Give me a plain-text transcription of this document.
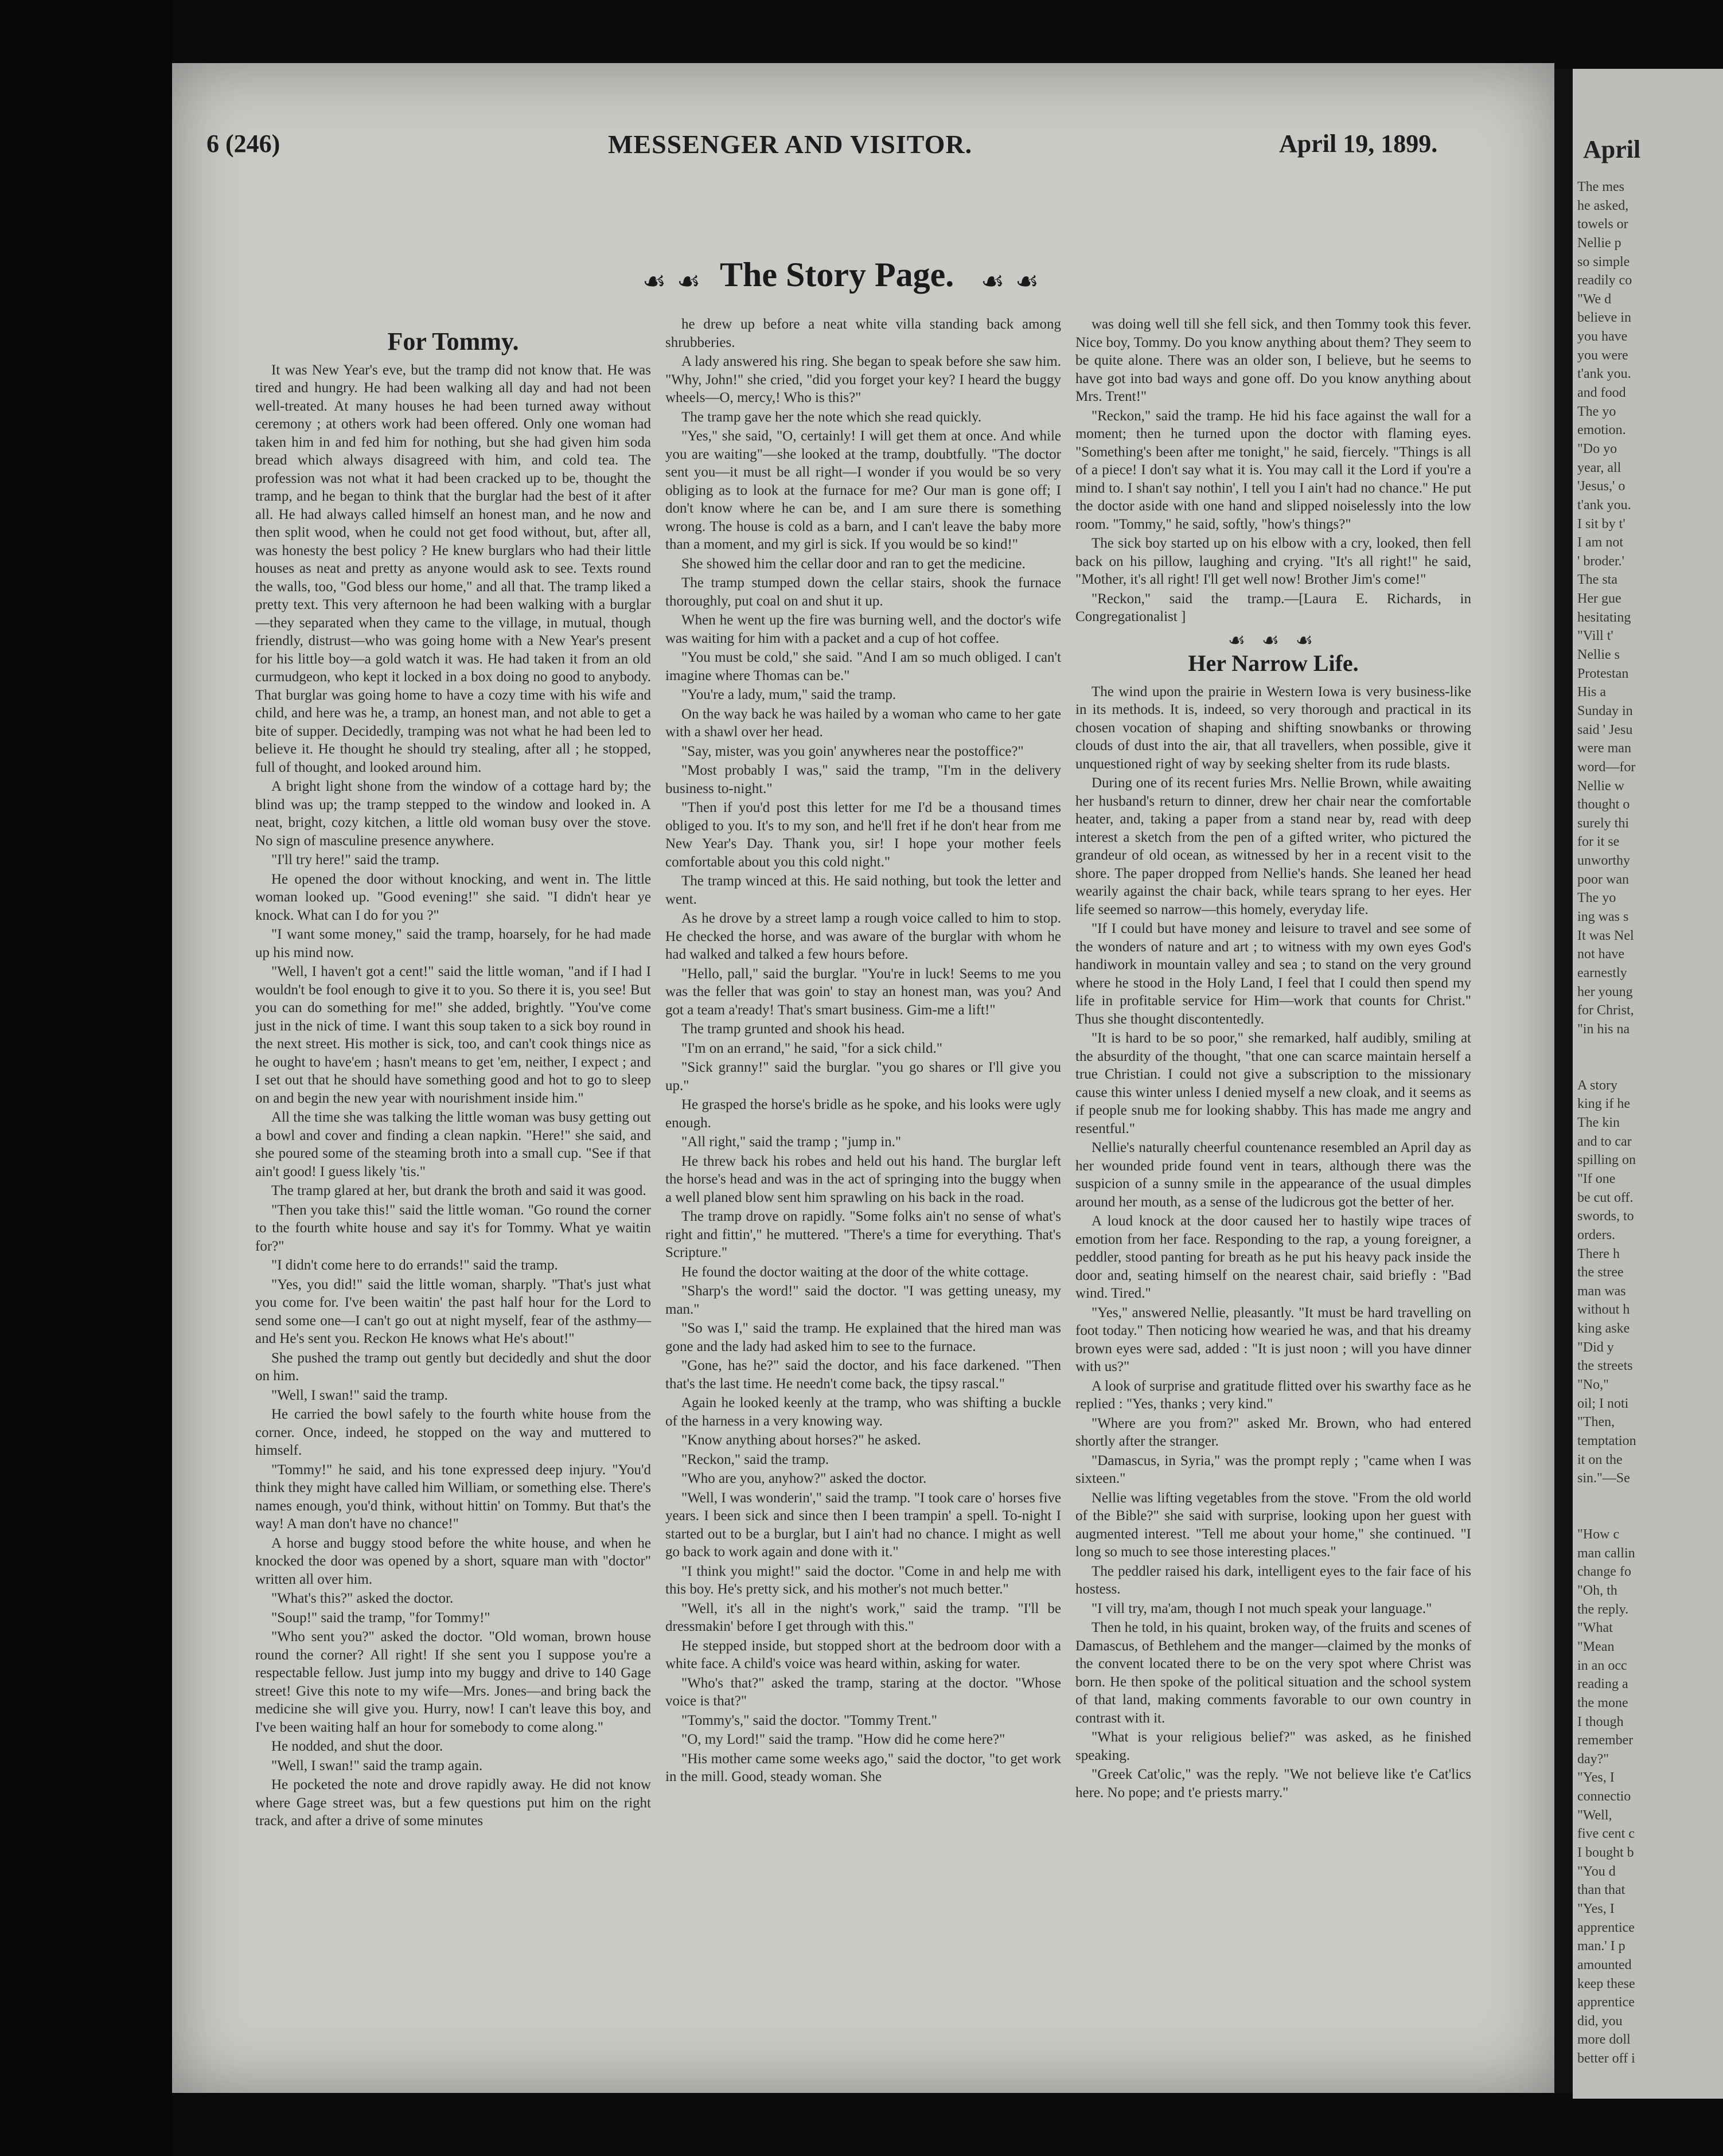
6 (246)	MESSENGER AND VISITOR.	April 19, 1899.
☙ ☙ The Story Page. ☙ ☙
For Tommy.

It was New Year's eve, but the tramp did not know that. He was tired and hungry. He had been walking all day and had not been well-treated. At many houses he had been turned away without ceremony ; at others work had been offered. Only one woman had taken him in and fed him for nothing, but she had given him soda bread which always disagreed with him, and cold tea. The profession was not what it had been cracked up to be, thought the tramp, and he began to think that the burglar had the best of it after all. He had always called himself an honest man, and he now and then split wood, when he could not get food without, but, after all, was honesty the best policy ? He knew burglars who had their little houses as neat and pretty as anyone would ask to see. Texts round the walls, too, "God bless our home," and all that. The tramp liked a pretty text. This very afternoon he had been walking with a burglar —they separated when they came to the village, in mutual, though friendly, distrust—who was going home with a New Year's present for his little boy—a gold watch it was. He had taken it from an old curmudgeon, who kept it locked in a box doing no good to anybody. That burglar was going home to have a cozy time with his wife and child, and here was he, a tramp, an honest man, and not able to get a bite of supper. Decidedly, tramping was not what he had been led to believe it. He thought he should try stealing, after all ; he stopped, full of thought, and looked around him.

A bright light shone from the window of a cottage hard by; the blind was up; the tramp stepped to the window and looked in. A neat, bright, cozy kitchen, a little old woman busy over the stove. No sign of masculine presence anywhere.

"I'll try here!" said the tramp.

He opened the door without knocking, and went in. The little woman looked up. "Good evening!" she said. "I didn't hear ye knock. What can I do for you ?"

"I want some money," said the tramp, hoarsely, for he had made up his mind now.

"Well, I haven't got a cent!" said the little woman, "and if I had I wouldn't be fool enough to give it to you. So there it is, you see! But you can do something for me!" she added, brightly. "You've come just in the nick of time. I want this soup taken to a sick boy round in the next street. His mother is sick, too, and can't cook things nice as he ought to have'em ; hasn't means to get 'em, neither, I expect ; and I set out that he should have something good and hot to go to sleep on and begin the new year with nourishment inside him."

All the time she was talking the little woman was busy getting out a bowl and cover and finding a clean napkin. "Here!" she said, and she poured some of the steaming broth into a small cup. "See if that ain't good! I guess likely 'tis."

The tramp glared at her, but drank the broth and said it was good.

"Then you take this!" said the little woman. "Go round the corner to the fourth white house and say it's for Tommy. What ye waitin for?"

"I didn't come here to do errands!" said the tramp.

"Yes, you did!" said the little woman, sharply. "That's just what you come for. I've been waitin' the past half hour for the Lord to send some one—I can't go out at night myself, fear of the asthmy—and He's sent you. Reckon He knows what He's about!"

She pushed the tramp out gently but decidedly and shut the door on him.

"Well, I swan!" said the tramp.

He carried the bowl safely to the fourth white house from the corner. Once, indeed, he stopped on the way and muttered to himself.

"Tommy!" he said, and his tone expressed deep injury. "You'd think they might have called him William, or something else. There's names enough, you'd think, without hittin' on Tommy. But that's the way! A man don't have no chance!"

A horse and buggy stood before the white house, and when he knocked the door was opened by a short, square man with "doctor" written all over him.

"What's this?" asked the doctor.

"Soup!" said the tramp, "for Tommy!"

"Who sent you?" asked the doctor. "Old woman, brown house round the corner? All right! If she sent you I suppose you're a respectable fellow. Just jump into my buggy and drive to 140 Gage street! Give this note to my wife—Mrs. Jones—and bring back the medicine she will give you. Hurry, now! I can't leave this boy, and I've been waiting half an hour for somebody to come along."

He nodded, and shut the door.

"Well, I swan!" said the tramp again.

He pocketed the note and drove rapidly away. He did not know where Gage street was, but a few questions put him on the right track, and after a drive of some minutes

he drew up before a neat white villa standing back among shrubberies.

A lady answered his ring. She began to speak before she saw him. "Why, John!" she cried, "did you forget your key? I heard the buggy wheels—O, mercy,! Who is this?"

The tramp gave her the note which she read quickly.

"Yes," she said, "O, certainly! I will get them at once. And while you are waiting"—she looked at the tramp, doubtfully. "The doctor sent you—it must be all right—I wonder if you would be so very obliging as to look at the furnace for me? Our man is gone off; I don't know where he can be, and I am sure there is something wrong. The house is cold as a barn, and I can't leave the baby more than a moment, and my girl is sick. If you would be so kind!"

She showed him the cellar door and ran to get the medicine.

The tramp stumped down the cellar stairs, shook the furnace thoroughly, put coal on and shut it up.

When he went up the fire was burning well, and the doctor's wife was waiting for him with a packet and a cup of hot coffee.

"You must be cold," she said. "And I am so much obliged. I can't imagine where Thomas can be."

"You're a lady, mum," said the tramp.

On the way back he was hailed by a woman who came to her gate with a shawl over her head.

"Say, mister, was you goin' anywheres near the postoffice?"

"Most probably I was," said the tramp, "I'm in the delivery business to-night."

"Then if you'd post this letter for me I'd be a thousand times obliged to you. It's to my son, and he'll fret if he don't hear from me New Year's Day. Thank you, sir! I hope your mother feels comfortable about you this cold night."

The tramp winced at this. He said nothing, but took the letter and went.

As he drove by a street lamp a rough voice called to him to stop. He checked the horse, and was aware of the burglar with whom he had walked and talked a few hours before.

"Hello, pall," said the burglar. "You're in luck! Seems to me you was the feller that was goin' to stay an honest man, was you? And got a team a'ready! That's smart business. Gim-me a lift!"

The tramp grunted and shook his head.

"I'm on an errand," he said, "for a sick child."

"Sick granny!" said the burglar. "you go shares or I'll give you up."

He grasped the horse's bridle as he spoke, and his looks were ugly enough.

"All right," said the tramp ; "jump in."

He threw back his robes and held out his hand. The burglar left the horse's head and was in the act of springing into the buggy when a well planed blow sent him sprawling on his back in the road.

The tramp drove on rapidly. "Some folks ain't no sense of what's right and fittin'," he muttered. "There's a time for everything. That's Scripture."

He found the doctor waiting at the door of the white cottage.

"Sharp's the word!" said the doctor. "I was getting uneasy, my man."

"So was I," said the tramp. He explained that the hired man was gone and the lady had asked him to see to the furnace.

"Gone, has he?" said the doctor, and his face darkened. "Then that's the last time. He needn't come back, the tipsy rascal."

Again he looked keenly at the tramp, who was shifting a buckle of the harness in a very knowing way.

"Know anything about horses?" he asked.

"Reckon," said the tramp.

"Who are you, anyhow?" asked the doctor.

"Well, I was wonderin'," said the tramp. "I took care o' horses five years. I been sick and since then I been trampin' a spell. To-night I started out to be a burglar, but I ain't had no chance. I might as well go back to work again and done with it."

"I think you might!" said the doctor. "Come in and help me with this boy. He's pretty sick, and his mother's not much better."

"Well, it's all in the night's work," said the tramp. "I'll be dressmakin' before I get through with this."

He stepped inside, but stopped short at the bedroom door with a white face. A child's voice was heard within, asking for water.

"Who's that?" asked the tramp, staring at the doctor. "Whose voice is that?"

"Tommy's," said the doctor. "Tommy Trent."

"O, my Lord!" said the tramp. "How did he come here?"

"His mother came some weeks ago," said the doctor, "to get work in the mill. Good, steady woman. She

was doing well till she fell sick, and then Tommy took this fever. Nice boy, Tommy. Do you know anything about them? They seem to be quite alone. There was an older son, I believe, but he seems to have got into bad ways and gone off. Do you know anything about Mrs. Trent!"

"Reckon," said the tramp. He hid his face against the wall for a moment; then he turned upon the doctor with flaming eyes. "Something's been after me tonight," he said, fiercely. "Things is all of a piece! I don't say what it is. You may call it the Lord if you're a mind to. I shan't say nothin', I tell you I ain't had no chance." He put the doctor aside with one hand and slipped noiselessly into the low room. "Tommy," he said, softly, "how's things?"

The sick boy started up on his elbow with a cry, looked, then fell back on his pillow, laughing and crying. "It's all right!" he said, "Mother, it's all right! I'll get well now! Brother Jim's come!"

"Reckon," said the tramp.—[Laura E. Richards, in Congregationalist ]

☙ ☙ ☙
Her Narrow Life.

The wind upon the prairie in Western Iowa is very business-like in its methods. It is, indeed, so very thorough and practical in its chosen vocation of shaping and shifting snowbanks or throwing clouds of dust into the air, that all travellers, when possible, give it unquestioned right of way by seeking shelter from its rude blasts.

During one of its recent furies Mrs. Nellie Brown, while awaiting her husband's return to dinner, drew her chair near the comfortable heater, and, taking a paper from a stand near by, read with deep interest a sketch from the pen of a gifted writer, who pictured the grandeur of old ocean, as witnessed by her in a recent visit to the shore. The paper dropped from Nellie's hands. She leaned her head wearily against the chair back, while tears sprang to her eyes. Her life seemed so narrow—this homely, everyday life.

"If I could but have money and leisure to travel and see some of the wonders of nature and art ; to witness with my own eyes God's handiwork in mountain valley and sea ; to stand on the very ground where he stood in the Holy Land, I feel that I could then spend my life in profitable service for Him—work that counts for Christ." Thus she thought discontentedly.

"It is hard to be so poor," she remarked, half audibly, smiling at the absurdity of the thought, "that one can scarce maintain herself a true Christian. I could not give a subscription to the missionary cause this winter unless I denied myself a new cloak, and it seems as if people snub me for looking shabby. This has made me angry and resentful."

Nellie's naturally cheerful countenance resembled an April day as her wounded pride found vent in tears, although there was the suspicion of a sunny smile in the appearance of the usual dimples around her mouth, as a sense of the ludicrous got the better of her.

A loud knock at the door caused her to hastily wipe traces of emotion from her face. Responding to the rap, a young foreigner, a peddler, stood panting for breath as he put his heavy pack inside the door and, seating himself on the nearest chair, said briefly : "Bad wind. Tired."

"Yes," answered Nellie, pleasantly. "It must be hard travelling on foot today." Then noticing how wearied he was, and that his dreamy brown eyes were sad, added : "It is just noon ; will you have dinner with us?"

A look of surprise and gratitude flitted over his swarthy face as he replied : "Yes, thanks ; very kind."

"Where are you from?" asked Mr. Brown, who had entered shortly after the stranger.

"Damascus, in Syria," was the prompt reply ; "came when I was sixteen."

Nellie was lifting vegetables from the stove. "From the old world of the Bible?" she said with surprise, looking upon her guest with augmented interest. "Tell me about your home," she continued. "I long so much to see those interesting places."

The peddler raised his dark, intelligent eyes to the fair face of his hostess.

"I vill try, ma'am, though I not much speak your language."

Then he told, in his quaint, broken way, of the fruits and scenes of Damascus, of Bethlehem and the manger—claimed by the monks of the convent located there to be on the very spot where Christ was born. He then spoke of the political situation and the school system of that land, making comments favorable to our own country in contrast with it.

"What is your religious belief?" was asked, as he finished speaking.

"Greek Cat'olic," was the reply. "We not believe like t'e Cat'lics here. No pope; and t'e priests marry."

April
The mes
he asked,
towels or
Nellie p
so simple
readily co
"We d
believe in
you have
you were
t'ank you.
and food
The yo
emotion.
"Do yo
year, all
'Jesus,' o
t'ank you.
I sit by t'
I am not
' broder.'
The sta
Her gue
hesitating
"Vill t'
Nellie s
Protestan
His a
Sunday in
said ' Jesu
were man
word—for
Nellie w
thought o
surely thi
for it se
unworthy
poor wan
The yo
ing was s
It was Nel
not have
earnestly
her young
for Christ,
"in his na

A story
king if he
The kin
and to car
spilling on
"If one
be cut off.
swords, to
orders.
There h
the stree
man was
without h
king aske
"Did y
the streets
"No,"
oil; I noti
"Then,
temptation
it on the
sin."—Se

"How c
man callin
change fo
"Oh, th
the reply.
"What
"Mean
in an occ
reading a
the mone
I though
remember
day?"
"Yes, I
connectio
"Well,
five cent c
I bought b
"You d
than that
"Yes, I
apprentice
man.' I p
amounted
keep these
apprentice
did, you
more doll
better off i
